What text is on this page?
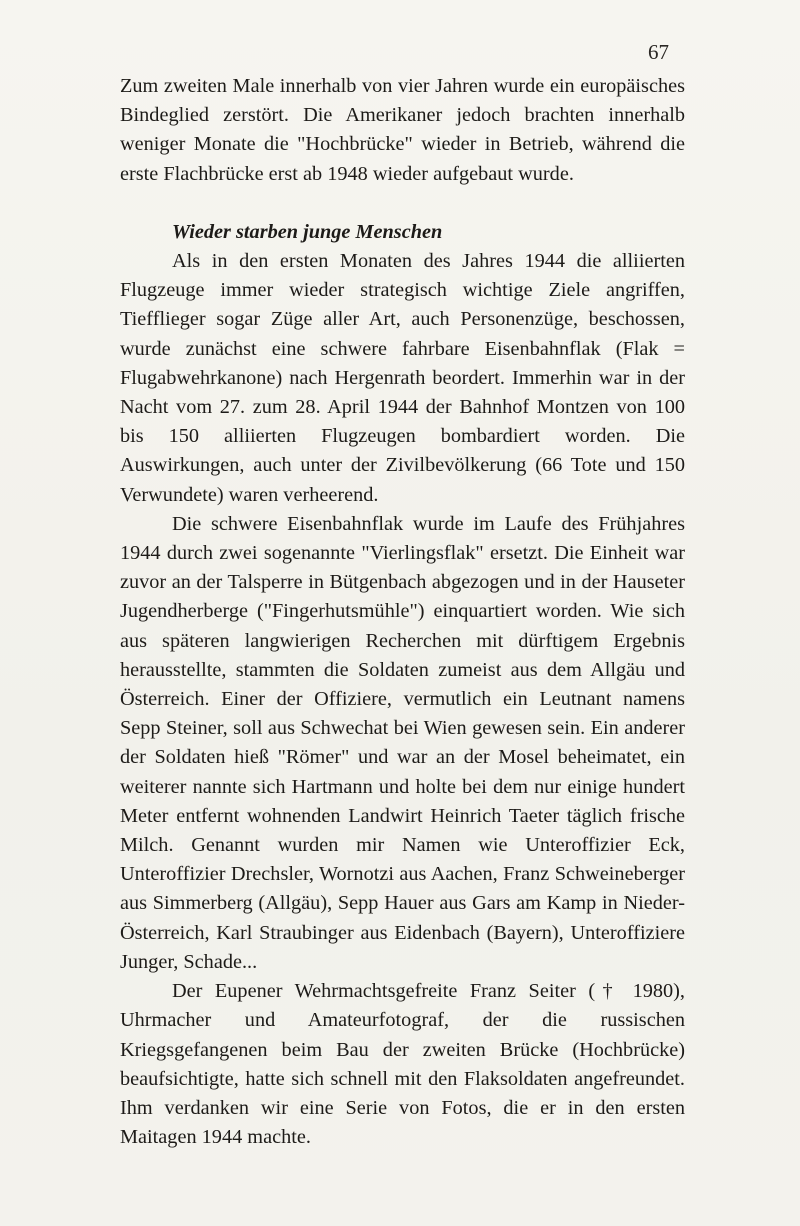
67

Zum zweiten Male innerhalb von vier Jahren wurde ein europäisches Bindeglied zerstört. Die Amerikaner jedoch brachten innerhalb weniger Monate die "Hochbrücke" wieder in Betrieb, während die erste Flachbrücke erst ab 1948 wieder aufgebaut wurde.

Wieder starben junge Menschen

Als in den ersten Monaten des Jahres 1944 die alliierten Flugzeuge immer wieder strategisch wichtige Ziele angriffen, Tiefflieger sogar Züge aller Art, auch Personenzüge, beschossen, wurde zunächst eine schwere fahrbare Eisenbahnflak (Flak = Flugabwehrkanone) nach Hergenrath beordert. Immerhin war in der Nacht vom 27. zum 28. April 1944 der Bahnhof Montzen von 100 bis 150 alliierten Flugzeugen bombardiert worden. Die Auswirkungen, auch unter der Zivilbevölkerung (66 Tote und 150 Verwundete) waren verheerend.

Die schwere Eisenbahnflak wurde im Laufe des Frühjahres 1944 durch zwei sogenannte "Vierlingsflak" ersetzt. Die Einheit war zuvor an der Talsperre in Bütgenbach abgezogen und in der Hauseter Jugendherberge ("Fingerhutsmühle") einquartiert worden. Wie sich aus späteren langwierigen Recherchen mit dürftigem Ergebnis herausstellte, stammten die Soldaten zumeist aus dem Allgäu und Österreich. Einer der Offiziere, vermutlich ein Leutnant namens Sepp Steiner, soll aus Schwechat bei Wien gewesen sein. Ein anderer der Soldaten hieß "Römer" und war an der Mosel beheimatet, ein weiterer nannte sich Hartmann und holte bei dem nur einige hundert Meter entfernt wohnenden Landwirt Heinrich Taeter täglich frische Milch. Genannt wurden mir Namen wie Unteroffizier Eck, Unteroffizier Drechsler, Wornotzi aus Aachen, Franz Schweineberger aus Simmerberg (Allgäu), Sepp Hauer aus Gars am Kamp in Nieder-Österreich, Karl Straubinger aus Eidenbach (Bayern), Unteroffiziere Junger, Schade...

Der Eupener Wehrmachtsgefreite Franz Seiter († 1980), Uhrmacher und Amateurfotograf, der die russischen Kriegsgefangenen beim Bau der zweiten Brücke (Hochbrücke) beaufsichtigte, hatte sich schnell mit den Flaksoldaten angefreundet. Ihm verdanken wir eine Serie von Fotos, die er in den ersten Maitagen 1944 machte.
